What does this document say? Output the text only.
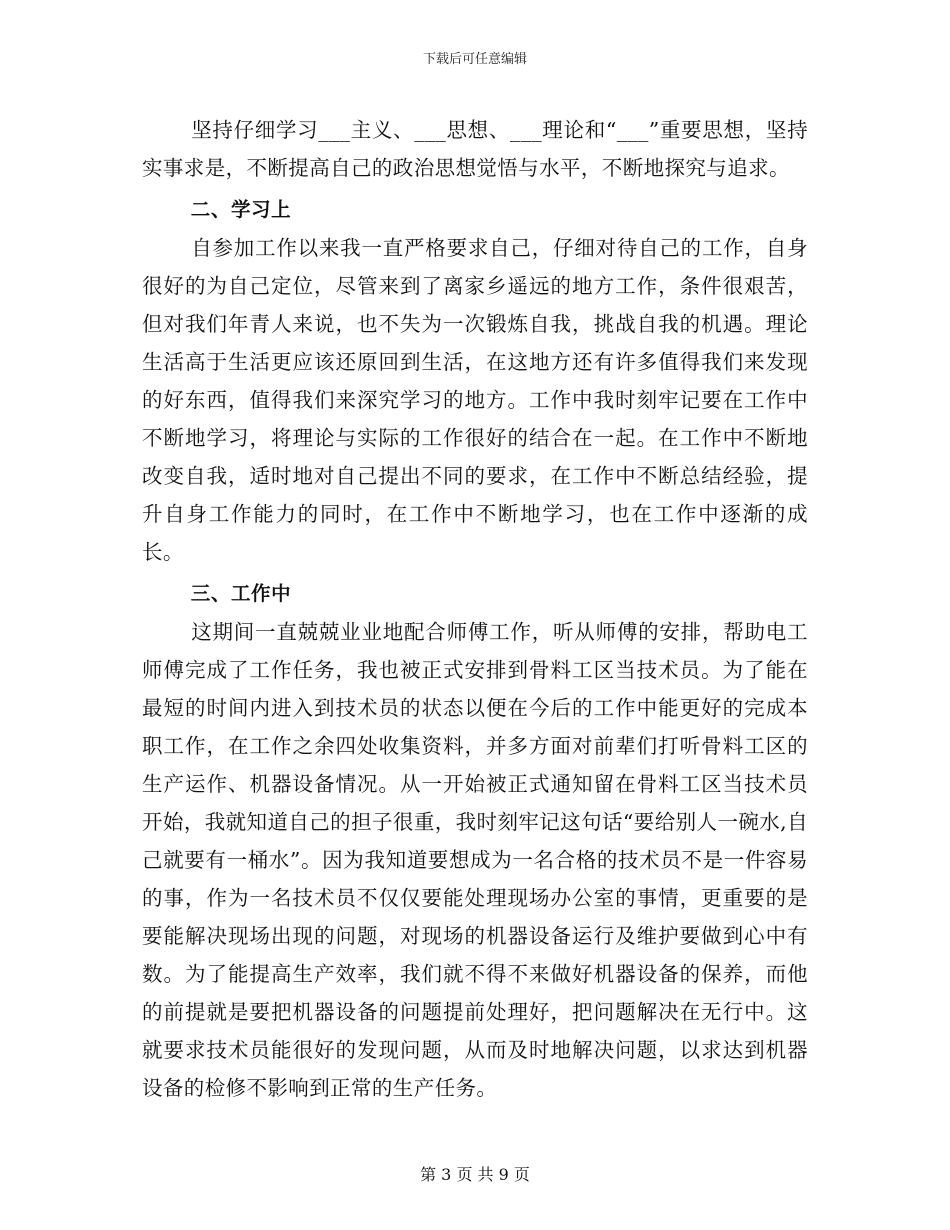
下载后可任意编辑

坚持仔细学习___主义、___思想、___理论和“___”重要思想，坚持实事求是，不断提高自己的政治思想觉悟与水平，不断地探究与追求。

二、学习上

自参加工作以来我一直严格要求自己，仔细对待自己的工作，自身很好的为自己定位，尽管来到了离家乡遥远的地方工作，条件很艰苦，但对我们年青人来说，也不失为一次锻炼自我，挑战自我的机遇。理论生活高于生活更应该还原回到生活，在这地方还有许多值得我们来发现的好东西，值得我们来深究学习的地方。工作中我时刻牢记要在工作中不断地学习，将理论与实际的工作很好的结合在一起。在工作中不断地改变自我，适时地对自己提出不同的要求，在工作中不断总结经验，提升自身工作能力的同时，在工作中不断地学习，也在工作中逐渐的成长。

三、工作中

这期间一直兢兢业业地配合师傅工作，听从师傅的安排，帮助电工师傅完成了工作任务，我也被正式安排到骨料工区当技术员。为了能在最短的时间内进入到技术员的状态以便在今后的工作中能更好的完成本职工作，在工作之余四处收集资料，并多方面对前辈们打听骨料工区的生产运作、机器设备情况。从一开始被正式通知留在骨料工区当技术员开始，我就知道自己的担子很重，我时刻牢记这句话“要给别人一碗水,自己就要有一桶水”。因为我知道要想成为一名合格的技术员不是一件容易的事，作为一名技术员不仅仅要能处理现场办公室的事情，更重要的是要能解决现场出现的问题，对现场的机器设备运行及维护要做到心中有数。为了能提高生产效率，我们就不得不来做好机器设备的保养，而他的前提就是要把机器设备的问题提前处理好，把问题解决在无行中。这就要求技术员能很好的发现问题，从而及时地解决问题，以求达到机器设备的检修不影响到正常的生产任务。

第 3 页 共 9 页
